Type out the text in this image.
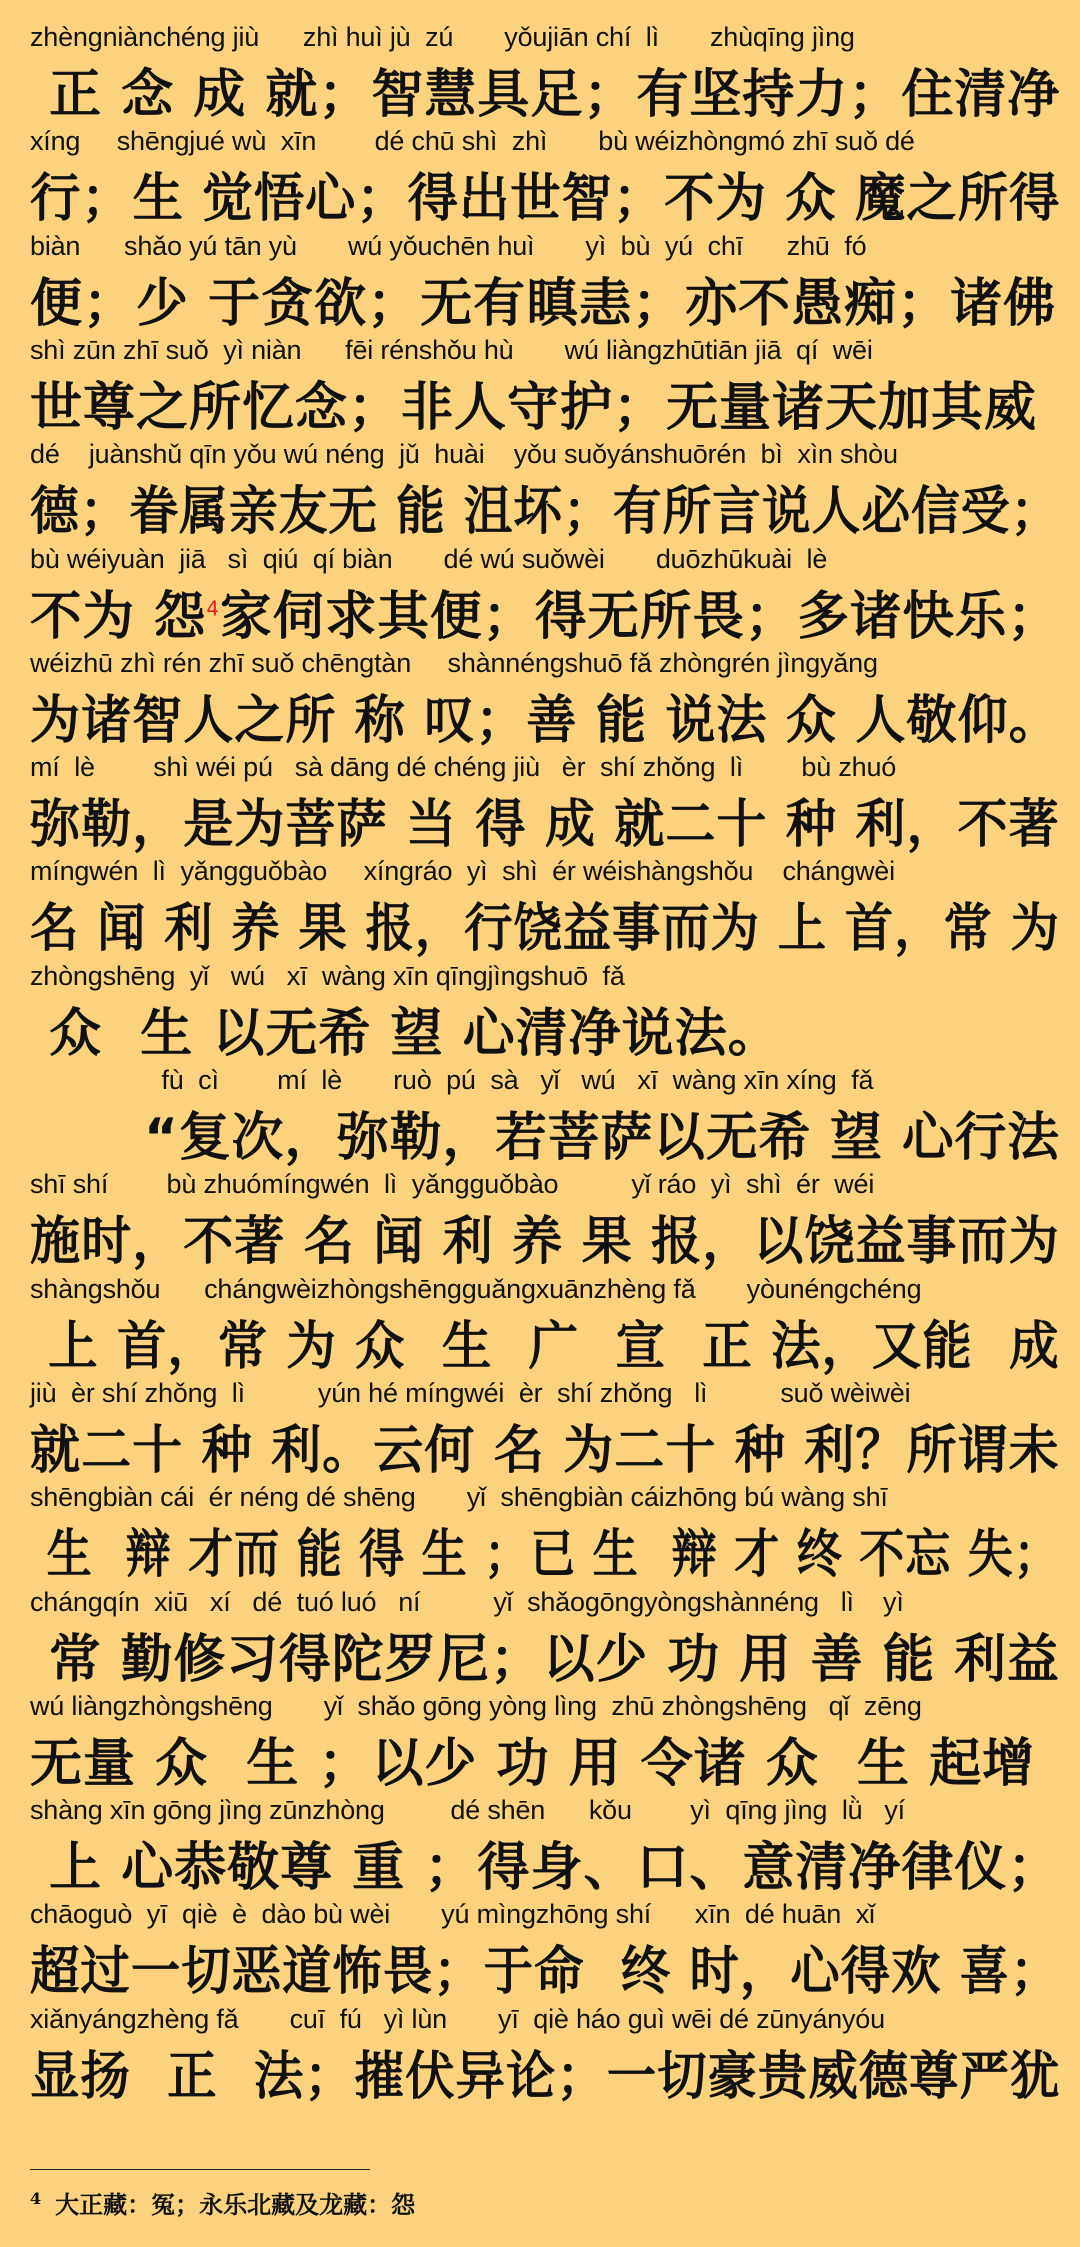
zhèngniànchéng jiù      zhì huì jù  zú       yǒujiān chí  lì       zhùqīng jìng
正 念 成 就；智慧具足；有坚持力；住清净
xíng     shēngjué wù  xīn        dé chū shì  zhì       bù wéizhòngmó zhī suǒ dé
行；生 觉悟心；得出世智；不为 众 魔之所得
biàn      shǎo yú tān yù       wú yǒuchēn huì       yì  bù  yú  chī      zhū  fó
便；少 于贪欲；无有瞋恚；亦不愚痴；诸佛
shì zūn zhī suǒ  yì niàn      fēi rénshǒu hù       wú liàngzhūtiān jiā  qí  wēi
世尊之所忆念；非人守护；无量诸天加其威
dé    juànshǔ qīn yǒu wú néng  jǔ  huài    yǒu suǒyánshuōrén  bì  xìn shòu
德；眷属亲友无 能 沮坏；有所言说人必信受；
bù wéiyuàn  jiā   sì  qiú  qí biàn       dé wú suǒwèi       duōzhūkuài  lè
不为 怨$^4$家伺求其便；得无所畏；多诸快乐；
wéizhū zhì rén zhī suǒ chēngtàn     shànnéngshuō fǎ zhòngrén jìngyǎng
为诸智人之所 称 叹；善 能 说法 众 人敬仰。
mí  lè        shì wéi pú   sà dāng dé chéng jiù   èr  shí zhǒng  lì        bù zhuó
弥勒，是为菩萨 当 得 成 就二十 种 利，不著
míngwén  lì  yǎngguǒbào     xíngráo  yì  shì  ér wéishàngshǒu    chángwèi
名 闻 利 养 果 报，行饶益事而为 上 首，常 为
zhòngshēng  yǐ   wú   xī  wàng xīn qīngjìngshuō  fǎ
众  生 以无希 望 心清净说法。
fù  cì        mí  lè       ruò  pú  sà   yǐ   wú   xī  wàng xīn xíng  fǎ
“复次，弥勒，若菩萨以无希 望 心行法
shī shí        bù zhuómíngwén  lì  yǎngguǒbào          yǐ ráo  yì  shì  ér  wéi
施时，不著 名 闻 利 养 果 报，以饶益事而为
shàngshǒu      chángwèizhòngshēngguǎngxuānzhèng fǎ       yòunéngchéng
上 首，常 为 众  生  广  宣  正 法，又能  成
jiù  èr shí zhǒng  lì          yún hé míngwéi  èr  shí zhǒng   lì          suǒ wèiwèi
就二十 种 利。云何 名 为二十 种 利？所谓未
shēngbiàn cái  ér néng dé shēng       yǐ  shēngbiàn cáizhōng bú wàng shī
生  辩 才而 能 得 生 ；已 生  辩 才 终 不忘 失；
chángqín  xiū   xí   dé  tuó luó   ní          yǐ  shǎogōngyòngshànnéng   lì    yì
常 勤修习得陀罗尼；以少 功 用 善 能 利益
wú liàngzhòngshēng       yǐ  shǎo gōng yòng lìng  zhū zhòngshēng   qǐ  zēng
无量 众  生 ；以少 功 用 令诸 众  生 起增
shàng xīn gōng jìng zūnzhòng         dé shēn      kǒu        yì  qīng jìng  lǜ   yí
上 心恭敬尊 重 ；得身、口、意清净律仪；
chāoguò  yī  qiè  è  dào bù wèi       yú mìngzhōng shí      xīn  dé huān  xǐ
超过一切恶道怖畏；于命  终 时，心得欢 喜；
xiǎnyángzhèng fǎ       cuī  fú   yì lùn       yī  qiè háo guì wēi dé zūnyányóu
显扬  正  法；摧伏异论；一切豪贵威德尊严犹
$^4$ 大正藏：冤；永乐北藏及龙藏：怨
